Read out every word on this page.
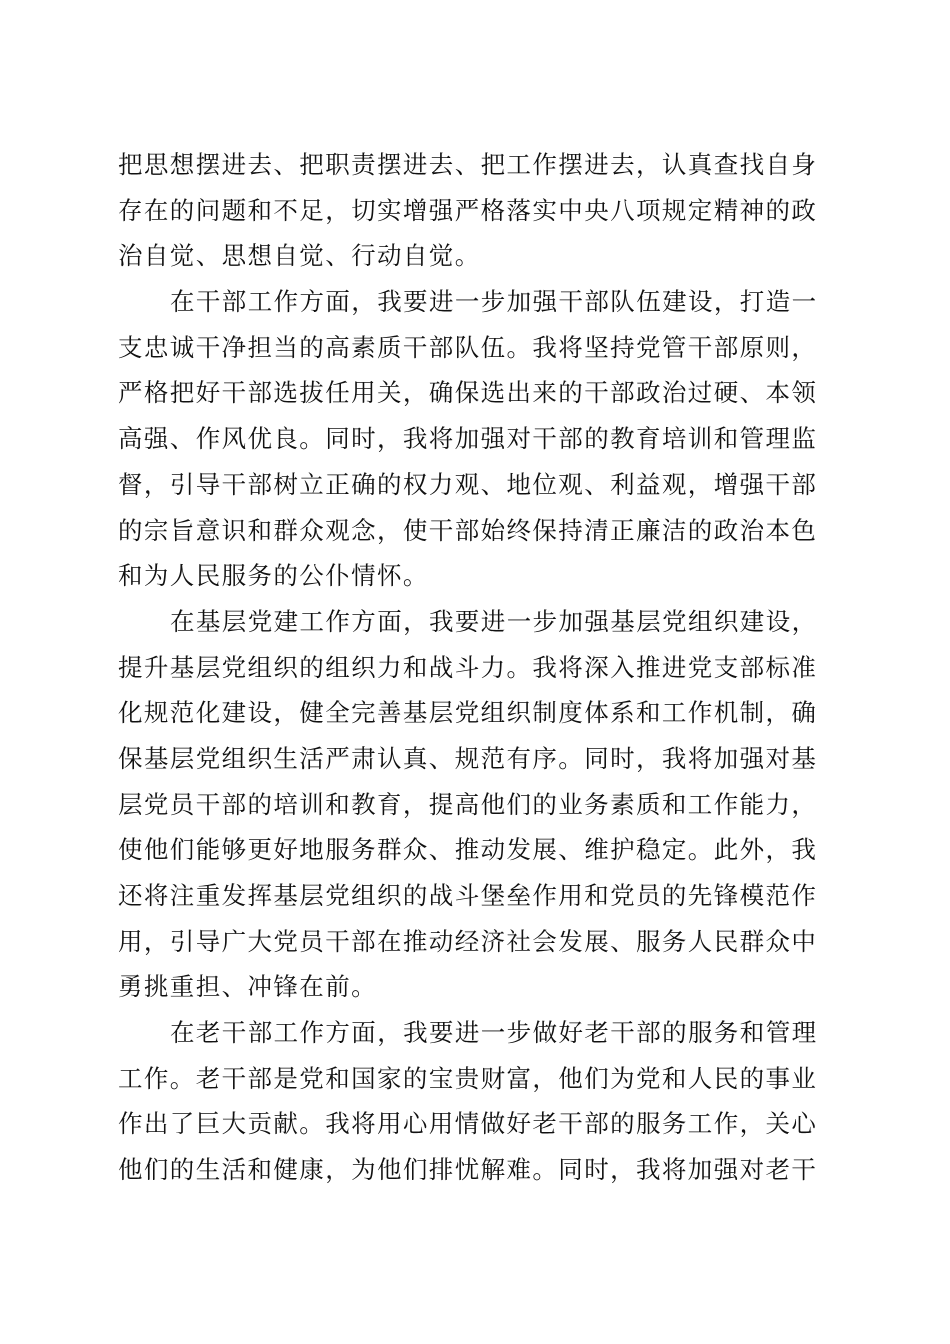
把思想摆进去、把职责摆进去、把工作摆进去，认真查找自身
存在的问题和不足，切实增强严格落实中央八项规定精神的政
治自觉、思想自觉、行动自觉。
在干部工作方面，我要进一步加强干部队伍建设，打造一
支忠诚干净担当的高素质干部队伍。我将坚持党管干部原则，
严格把好干部选拔任用关，确保选出来的干部政治过硬、本领
高强、作风优良。同时，我将加强对干部的教育培训和管理监
督，引导干部树立正确的权力观、地位观、利益观，增强干部
的宗旨意识和群众观念，使干部始终保持清正廉洁的政治本色
和为人民服务的公仆情怀。
在基层党建工作方面，我要进一步加强基层党组织建设，
提升基层党组织的组织力和战斗力。我将深入推进党支部标准
化规范化建设，健全完善基层党组织制度体系和工作机制，确
保基层党组织生活严肃认真、规范有序。同时，我将加强对基
层党员干部的培训和教育，提高他们的业务素质和工作能力，
使他们能够更好地服务群众、推动发展、维护稳定。此外，我
还将注重发挥基层党组织的战斗堡垒作用和党员的先锋模范作
用，引导广大党员干部在推动经济社会发展、服务人民群众中
勇挑重担、冲锋在前。
在老干部工作方面，我要进一步做好老干部的服务和管理
工作。老干部是党和国家的宝贵财富，他们为党和人民的事业
作出了巨大贡献。我将用心用情做好老干部的服务工作，关心
他们的生活和健康，为他们排忧解难。同时，我将加强对老干
